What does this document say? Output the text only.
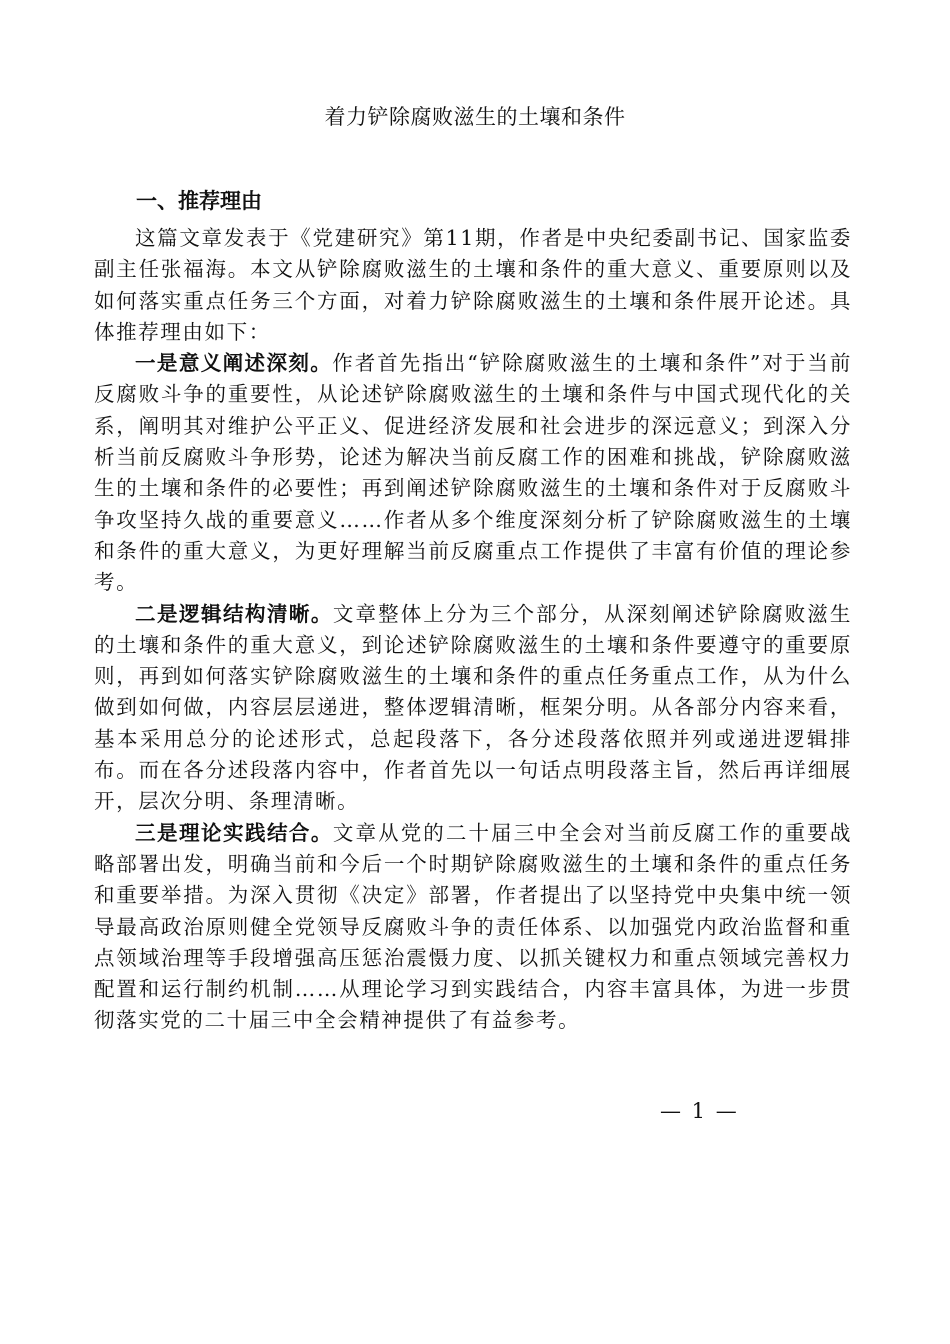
着力铲除腐败滋生的土壤和条件
一、推荐理由

这篇文章发表于《党建研究》第11期，作者是中央纪委副书记、国家监委副主任张福海。本文从铲除腐败滋生的土壤和条件的重大意义、重要原则以及如何落实重点任务三个方面，对着力铲除腐败滋生的土壤和条件展开论述。具体推荐理由如下：

一是意义阐述深刻。作者首先指出“铲除腐败滋生的土壤和条件”对于当前反腐败斗争的重要性，从论述铲除腐败滋生的土壤和条件与中国式现代化的关系，阐明其对维护公平正义、促进经济发展和社会进步的深远意义；到深入分析当前反腐败斗争形势，论述为解决当前反腐工作的困难和挑战，铲除腐败滋生的土壤和条件的必要性；再到阐述铲除腐败滋生的土壤和条件对于反腐败斗争攻坚持久战的重要意义……作者从多个维度深刻分析了铲除腐败滋生的土壤和条件的重大意义，为更好理解当前反腐重点工作提供了丰富有价值的理论参考。

二是逻辑结构清晰。文章整体上分为三个部分，从深刻阐述铲除腐败滋生的土壤和条件的重大意义，到论述铲除腐败滋生的土壤和条件要遵守的重要原则，再到如何落实铲除腐败滋生的土壤和条件的重点任务重点工作，从为什么做到如何做，内容层层递进，整体逻辑清晰，框架分明。从各部分内容来看，基本采用总分的论述形式，总起段落下，各分述段落依照并列或递进逻辑排布。而在各分述段落内容中，作者首先以一句话点明段落主旨，然后再详细展开，层次分明、条理清晰。

三是理论实践结合。文章从党的二十届三中全会对当前反腐工作的重要战略部署出发，明确当前和今后一个时期铲除腐败滋生的土壤和条件的重点任务和重要举措。为深入贯彻《决定》部署，作者提出了以坚持党中央集中统一领导最高政治原则健全党领导反腐败斗争的责任体系、以加强党内政治监督和重点领域治理等手段增强高压惩治震慑力度、以抓关键权力和重点领域完善权力配置和运行制约机制……从理论学习到实践结合，内容丰富具体，为进一步贯彻落实党的二十届三中全会精神提供了有益参考。

— 1 —
